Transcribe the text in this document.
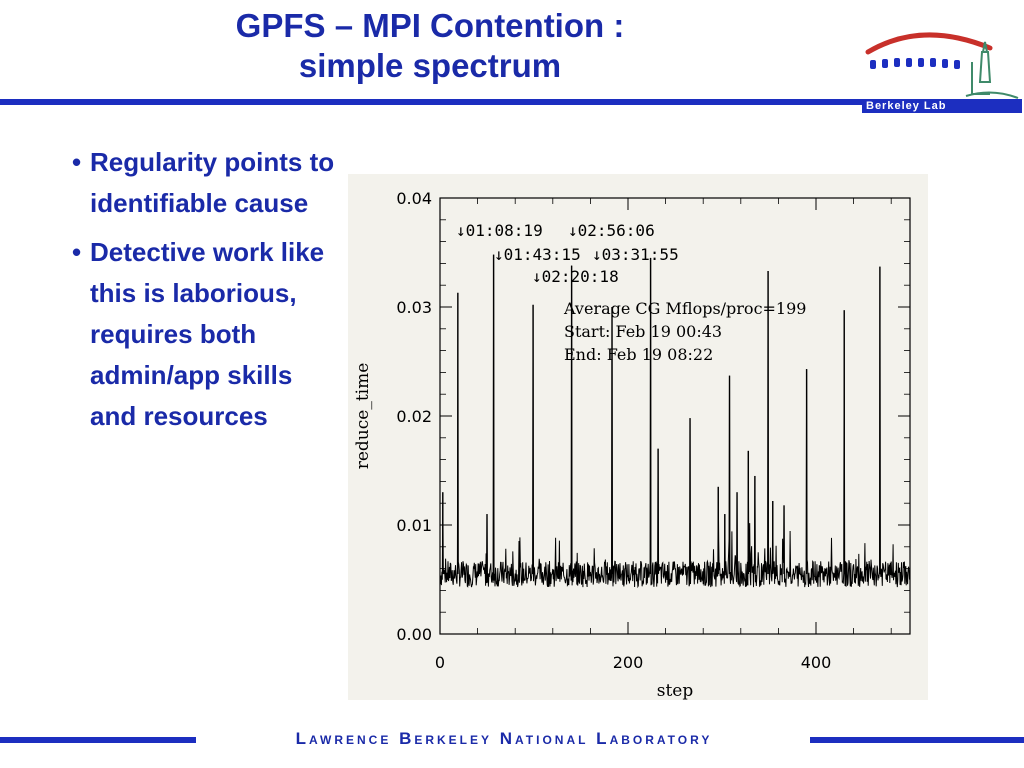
GPFS – MPI Contention :
simple spectrum
Berkeley Lab
• Regularity points to identifiable cause
• Detective work like this is laborious, requires both admin/app skills and resources
0.00
0.01
0.02
0.03
0.04
0	200	400
step
reduce_time
↓01:08:19 ↓02:56:06
↓01:43:15 ↓03:31:55
↓02:20:18
Average CG Mflops/proc=199
Start: Feb 19 00:43
End: Feb 19 08:22
Lawrence Berkeley National Laboratory
